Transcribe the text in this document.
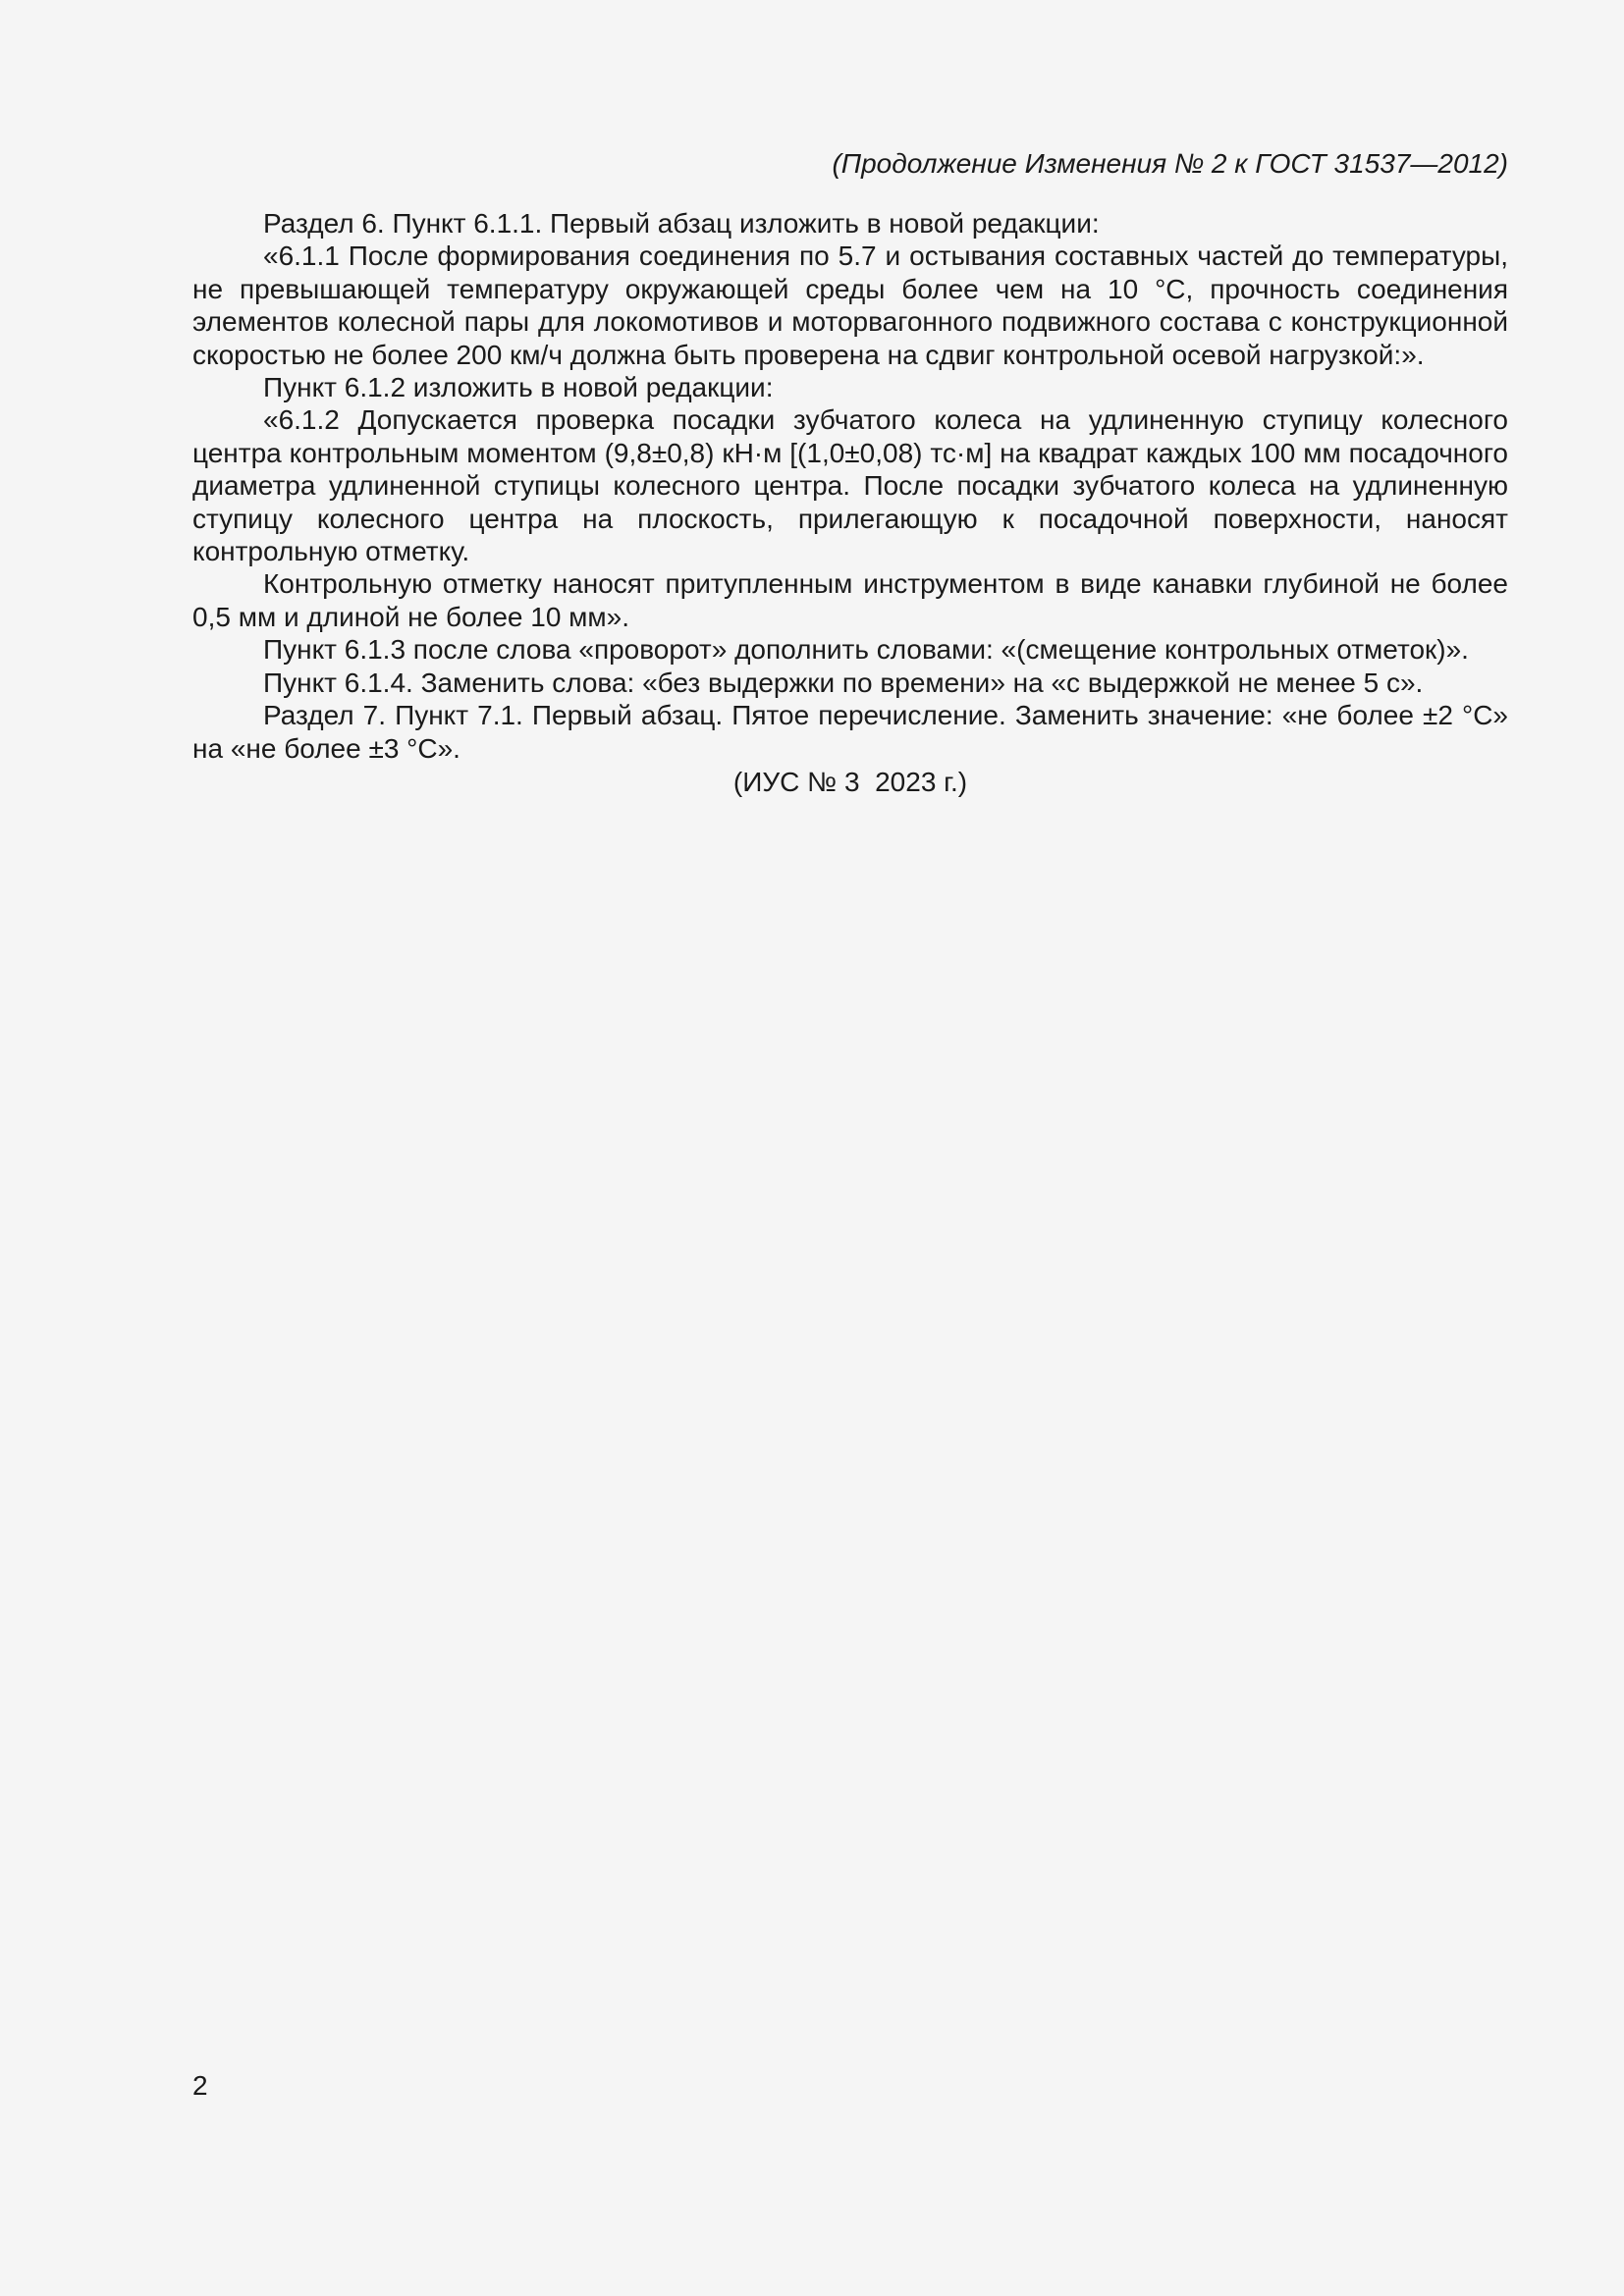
(Продолжение Изменения № 2 к ГОСТ 31537—2012)

Раздел 6. Пункт 6.1.1. Первый абзац изложить в новой редакции:

«6.1.1 После формирования соединения по 5.7 и остывания составных частей до температуры, не превышающей температуру окружающей среды более чем на 10 °С, прочность соединения элементов колесной пары для локомотивов и моторвагонного подвижного состава с конструкционной скоростью не более 200 км/ч должна быть проверена на сдвиг контрольной осевой нагрузкой:».

Пункт 6.1.2 изложить в новой редакции:

«6.1.2 Допускается проверка посадки зубчатого колеса на удлиненную ступицу колесного центра контрольным моментом (9,8±0,8) кН·м [(1,0±0,08) тс·м] на квадрат каждых 100 мм посадочного диаметра удлиненной ступицы колесного центра. После посадки зубчатого колеса на удлиненную ступицу колесного центра на плоскость, прилегающую к посадочной поверхности, наносят контрольную отметку.

Контрольную отметку наносят притупленным инструментом в виде канавки глубиной не более 0,5 мм и длиной не более 10 мм».

Пункт 6.1.3 после слова «проворот» дополнить словами: «(смещение контрольных отметок)».

Пункт 6.1.4. Заменить слова: «без выдержки по времени» на «с выдержкой не менее 5 с».

Раздел 7. Пункт 7.1. Первый абзац. Пятое перечисление. Заменить значение: «не более ±2 °С» на «не более ±3 °С».

(ИУС № 3  2023 г.)
2
